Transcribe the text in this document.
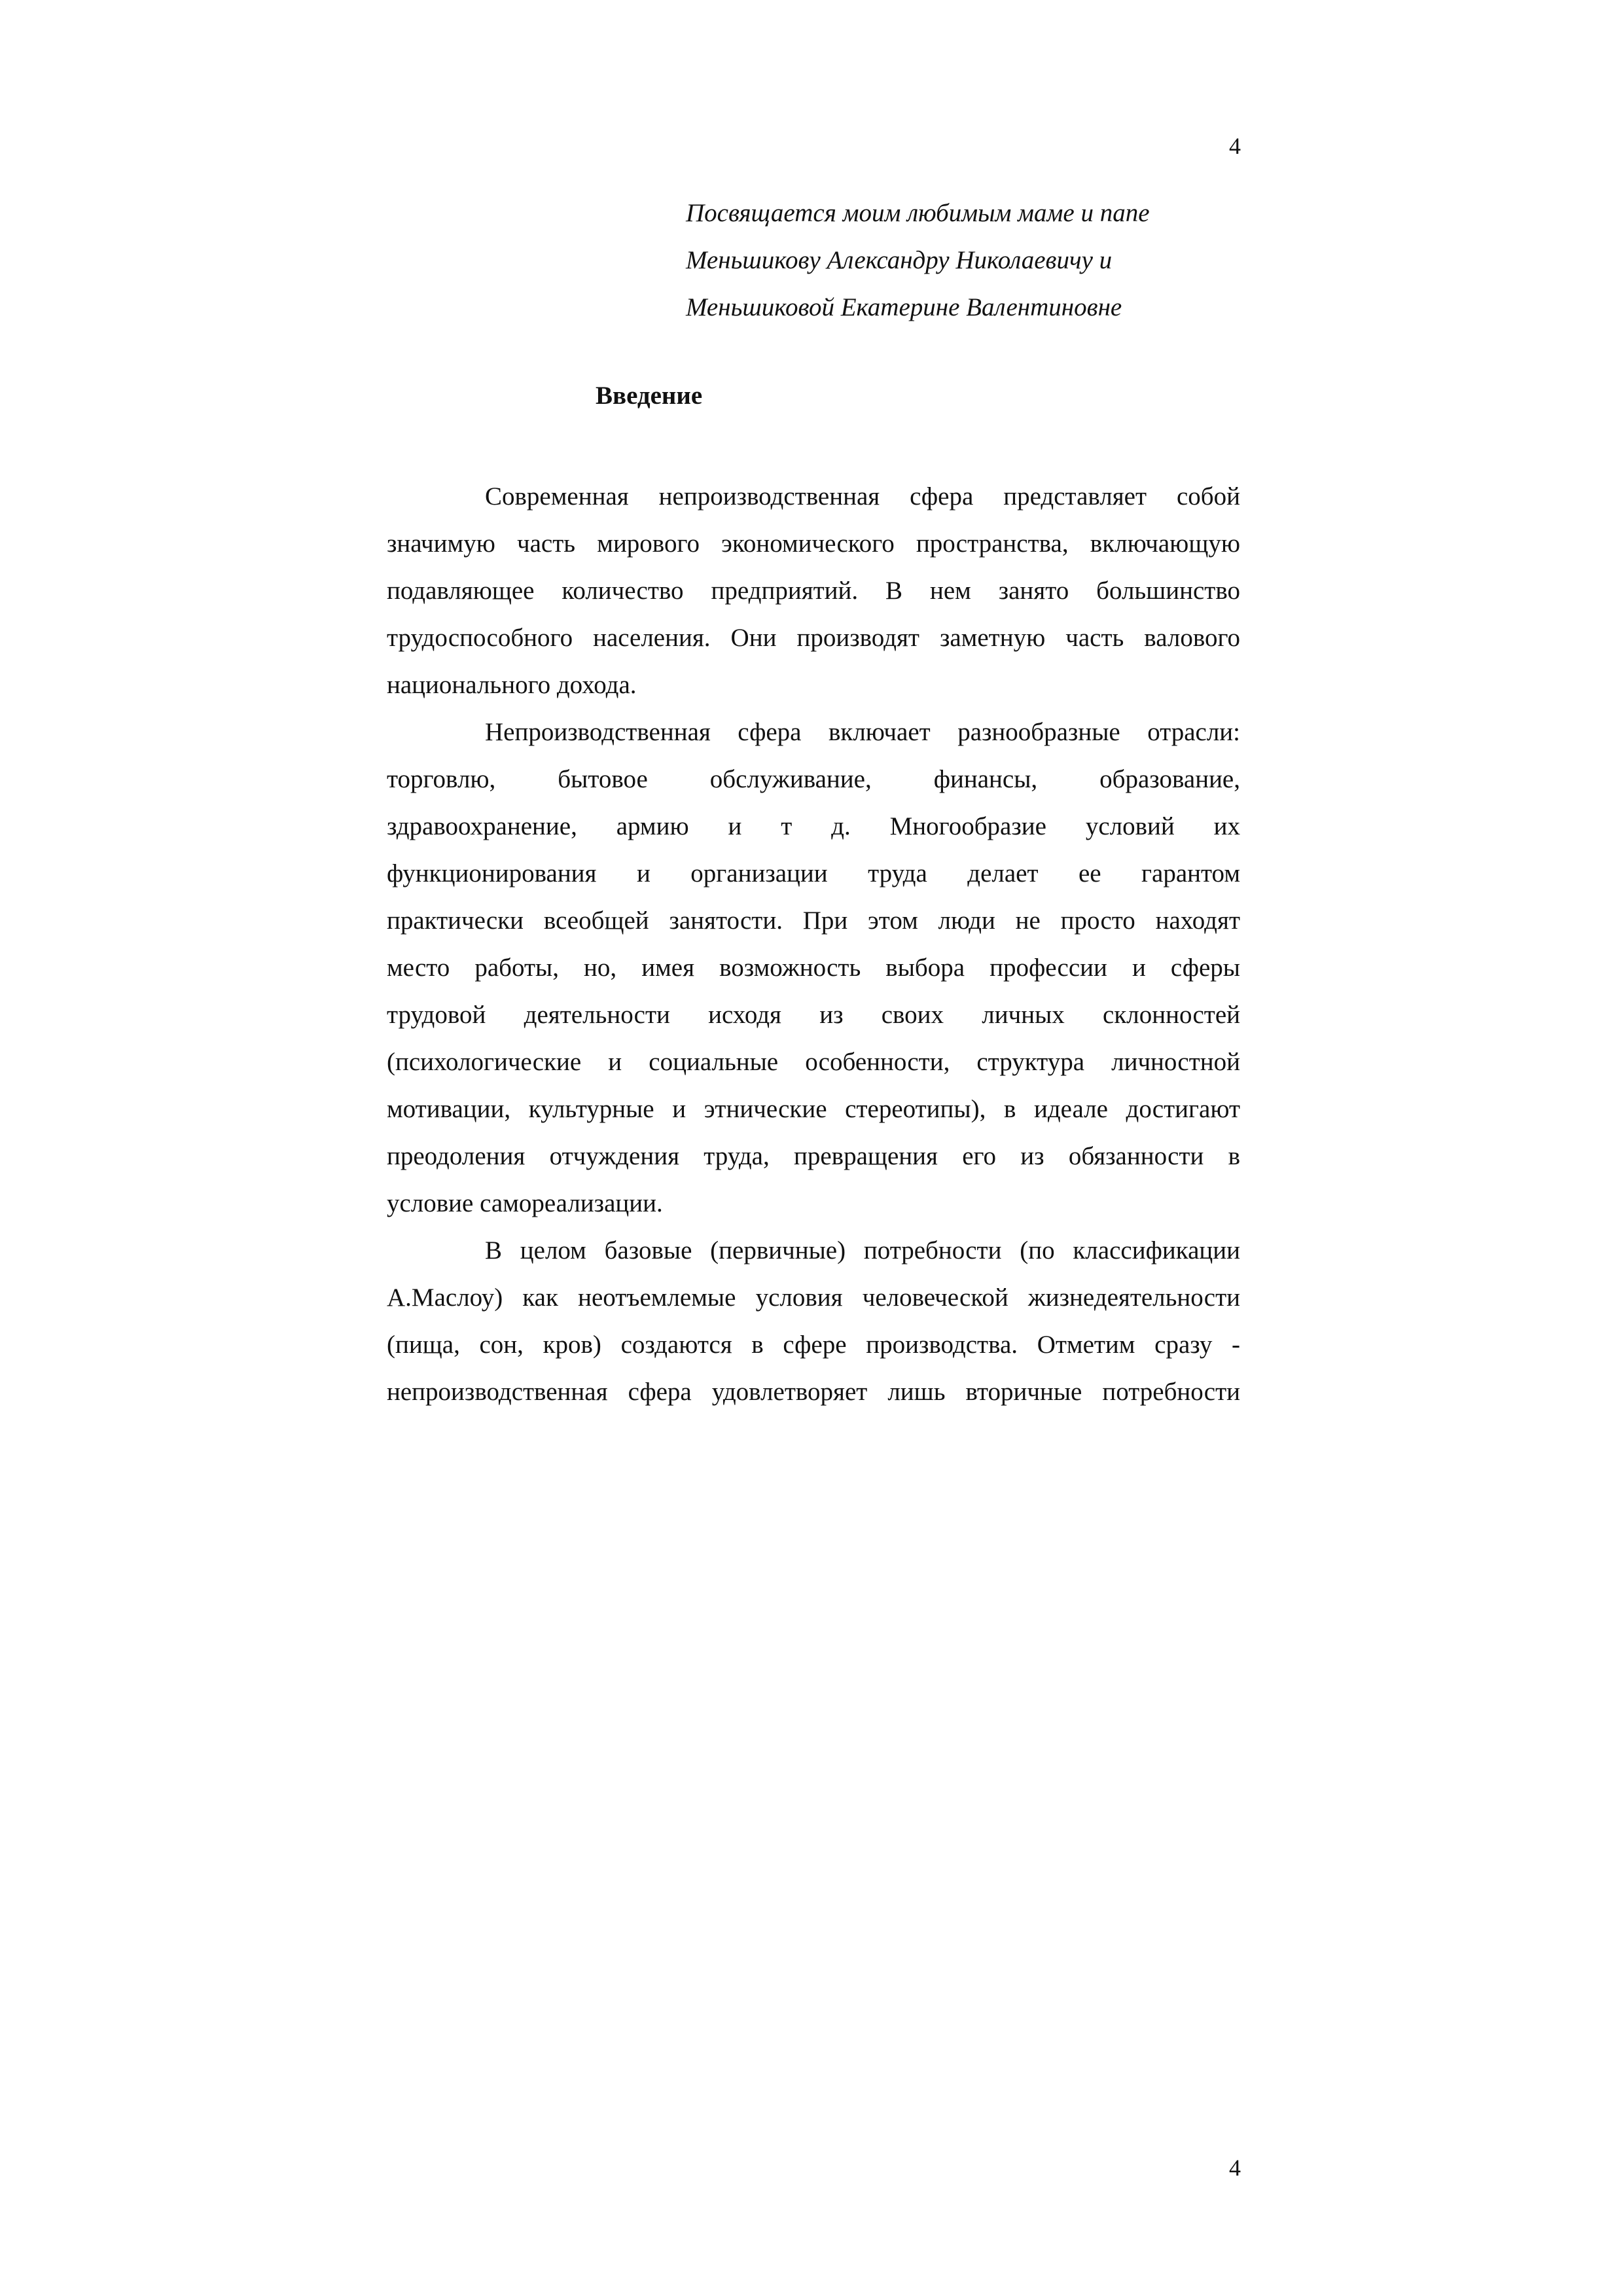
4
Посвящается моим любимым маме и папе
Меньшикову Александру Николаевичу и
Меньшиковой Екатерине Валентиновне
Введение
Современная непроизводственная сфера представляет собой
значимую часть мирового экономического пространства, включающую
подавляющее количество предприятий. В нем занято большинство
трудоспособного населения. Они производят заметную часть валового
национального дохода.
Непроизводственная сфера включает разнообразные отрасли:
торговлю, бытовое обслуживание, финансы, образование,
здравоохранение, армию и т д. Многообразие условий их
функционирования и организации труда делает ее гарантом
практически всеобщей занятости. При этом люди не просто находят
место работы, но, имея возможность выбора профессии и сферы
трудовой деятельности исходя из своих личных склонностей
(психологические и социальные особенности, структура личностной
мотивации, культурные и этнические стереотипы), в идеале достигают
преодоления отчуждения труда, превращения его из обязанности в
условие самореализации.
В целом базовые (первичные) потребности (по классификации
А.Маслоу) как неотъемлемые условия человеческой жизнедеятельности
(пища, сон, кров) создаются в сфере производства. Отметим сразу -
непроизводственная сфера удовлетворяет лишь вторичные потребности
4
